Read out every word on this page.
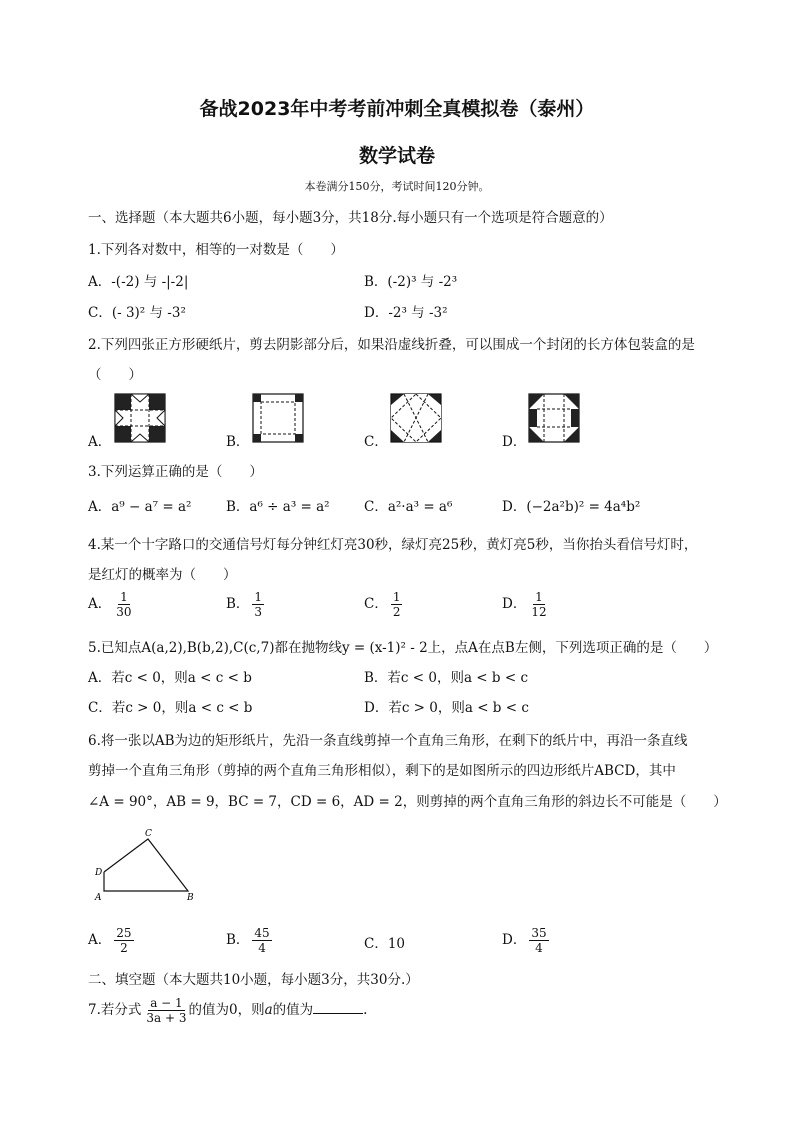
备战2023年中考考前冲刺全真模拟卷（泰州）
数学试卷
本卷满分150分，考试时间120分钟。
一、选择题（本大题共6小题，每小题3分，共18分.每小题只有一个选项是符合题意的）
1.下列各对数中，相等的一对数是（　　）
A．-(-2) 与 -|-2|	B．(-2)³ 与 -2³
C．(- 3)² 与 -3²	D．-2³ 与 -3²
2.下列四张正方形硬纸片，剪去阴影部分后，如果沿虚线折叠，可以围成一个封闭的长方体包装盒的是
（　　）
A．	B．	C．	D．
3.下列运算正确的是（　　）
A．a⁹ − a⁷ = a²	B．a⁶ ÷ a³ = a²	C．a²·a³ = a⁶	D．(−2a²b)² = 4a⁴b²
4.某一个十字路口的交通信号灯每分钟红灯亮30秒，绿灯亮25秒，黄灯亮5秒，当你抬头看信号灯时，
是红灯的概率为（　　）
A． $\frac{1}{30}$	B． $\frac{1}{3}$	C． $\frac{1}{2}$	D． $\frac{1}{12}$
5.已知点A(a,2),B(b,2),C(c,7)都在抛物线y = (x-1)² - 2上，点A在点B左侧，下列选项正确的是（　　）
A．若c < 0，则a < c < b	B．若c < 0，则a < b < c
C．若c > 0，则a < c < b	D．若c > 0，则a < b < c
6.将一张以AB为边的矩形纸片，先沿一条直线剪掉一个直角三角形，在剩下的纸片中，再沿一条直线
剪掉一个直角三角形（剪掉的两个直角三角形相似），剩下的是如图所示的四边形纸片ABCD，其中
∠A = 90°，AB = 9，BC = 7，CD = 6，AD = 2，则剪掉的两个直角三角形的斜边长不可能是（　　）
C
D
A	B
A． $\frac{25}{2}$	B． $\frac{45}{4}$	C．10	D． $\frac{35}{4}$
二、填空题（本大题共10小题，每小题3分，共30分.）
7.若分式 $\frac{a - 1}{3a + 3}$ 的值为0，则a的值为	.
